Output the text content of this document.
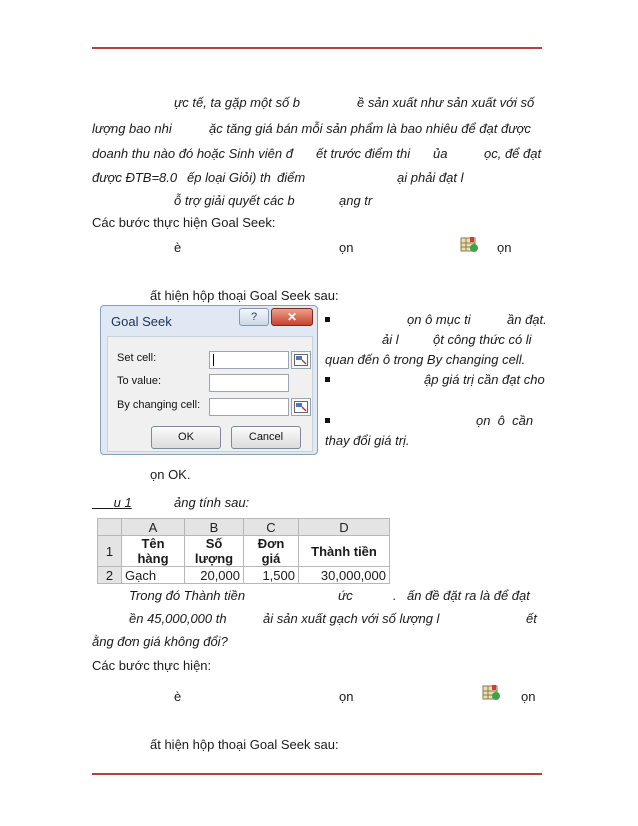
ực tế, ta gặp một số b	ề sản xuất như sản xuất với số
lượng bao nhi	ặc tăng giá bán mỗi sản phẩm là bao nhiêu để đạt được
doanh thu nào đó hoặc Sinh viên đ ết trước điểm thi ủa	ọc, để đạt
được ĐTB=8.0 ếp loại Giỏi) th điểm	ại phải đạt l
ỗ trợ giải quyết các b	ạng tr
Các bước thực hiện Goal Seek:
è	ọn	ọn
ất hiện hộp thoại Goal Seek sau:
Goal Seek	?	✕
Set cell:
To value:
By changing cell:
OK	Cancel
ọn ô mục ti	ần đạt.
ải l	ột công thức có li
quan đến ô trong By changing cell.
ập giá trị cần đạt cho
ọn  ô  cần
thay đổi giá trị.
ọn OK.
u 1	ảng tính sau:
	A	B	C	D
1	Tên hàng	Số lượng	Đơn giá	Thành tiền
2	Gạch	20,000	1,500	30,000,000
Trong đó Thành tiền	ức	. ấn đề đặt ra là để đạt
ền 45,000,000 th	ải sản xuất gạch với số lượng l	ết
ằng đơn giá không đổi?
Các bước thực hiện:
è	ọn	ọn
ất hiện hộp thoại Goal Seek sau:
